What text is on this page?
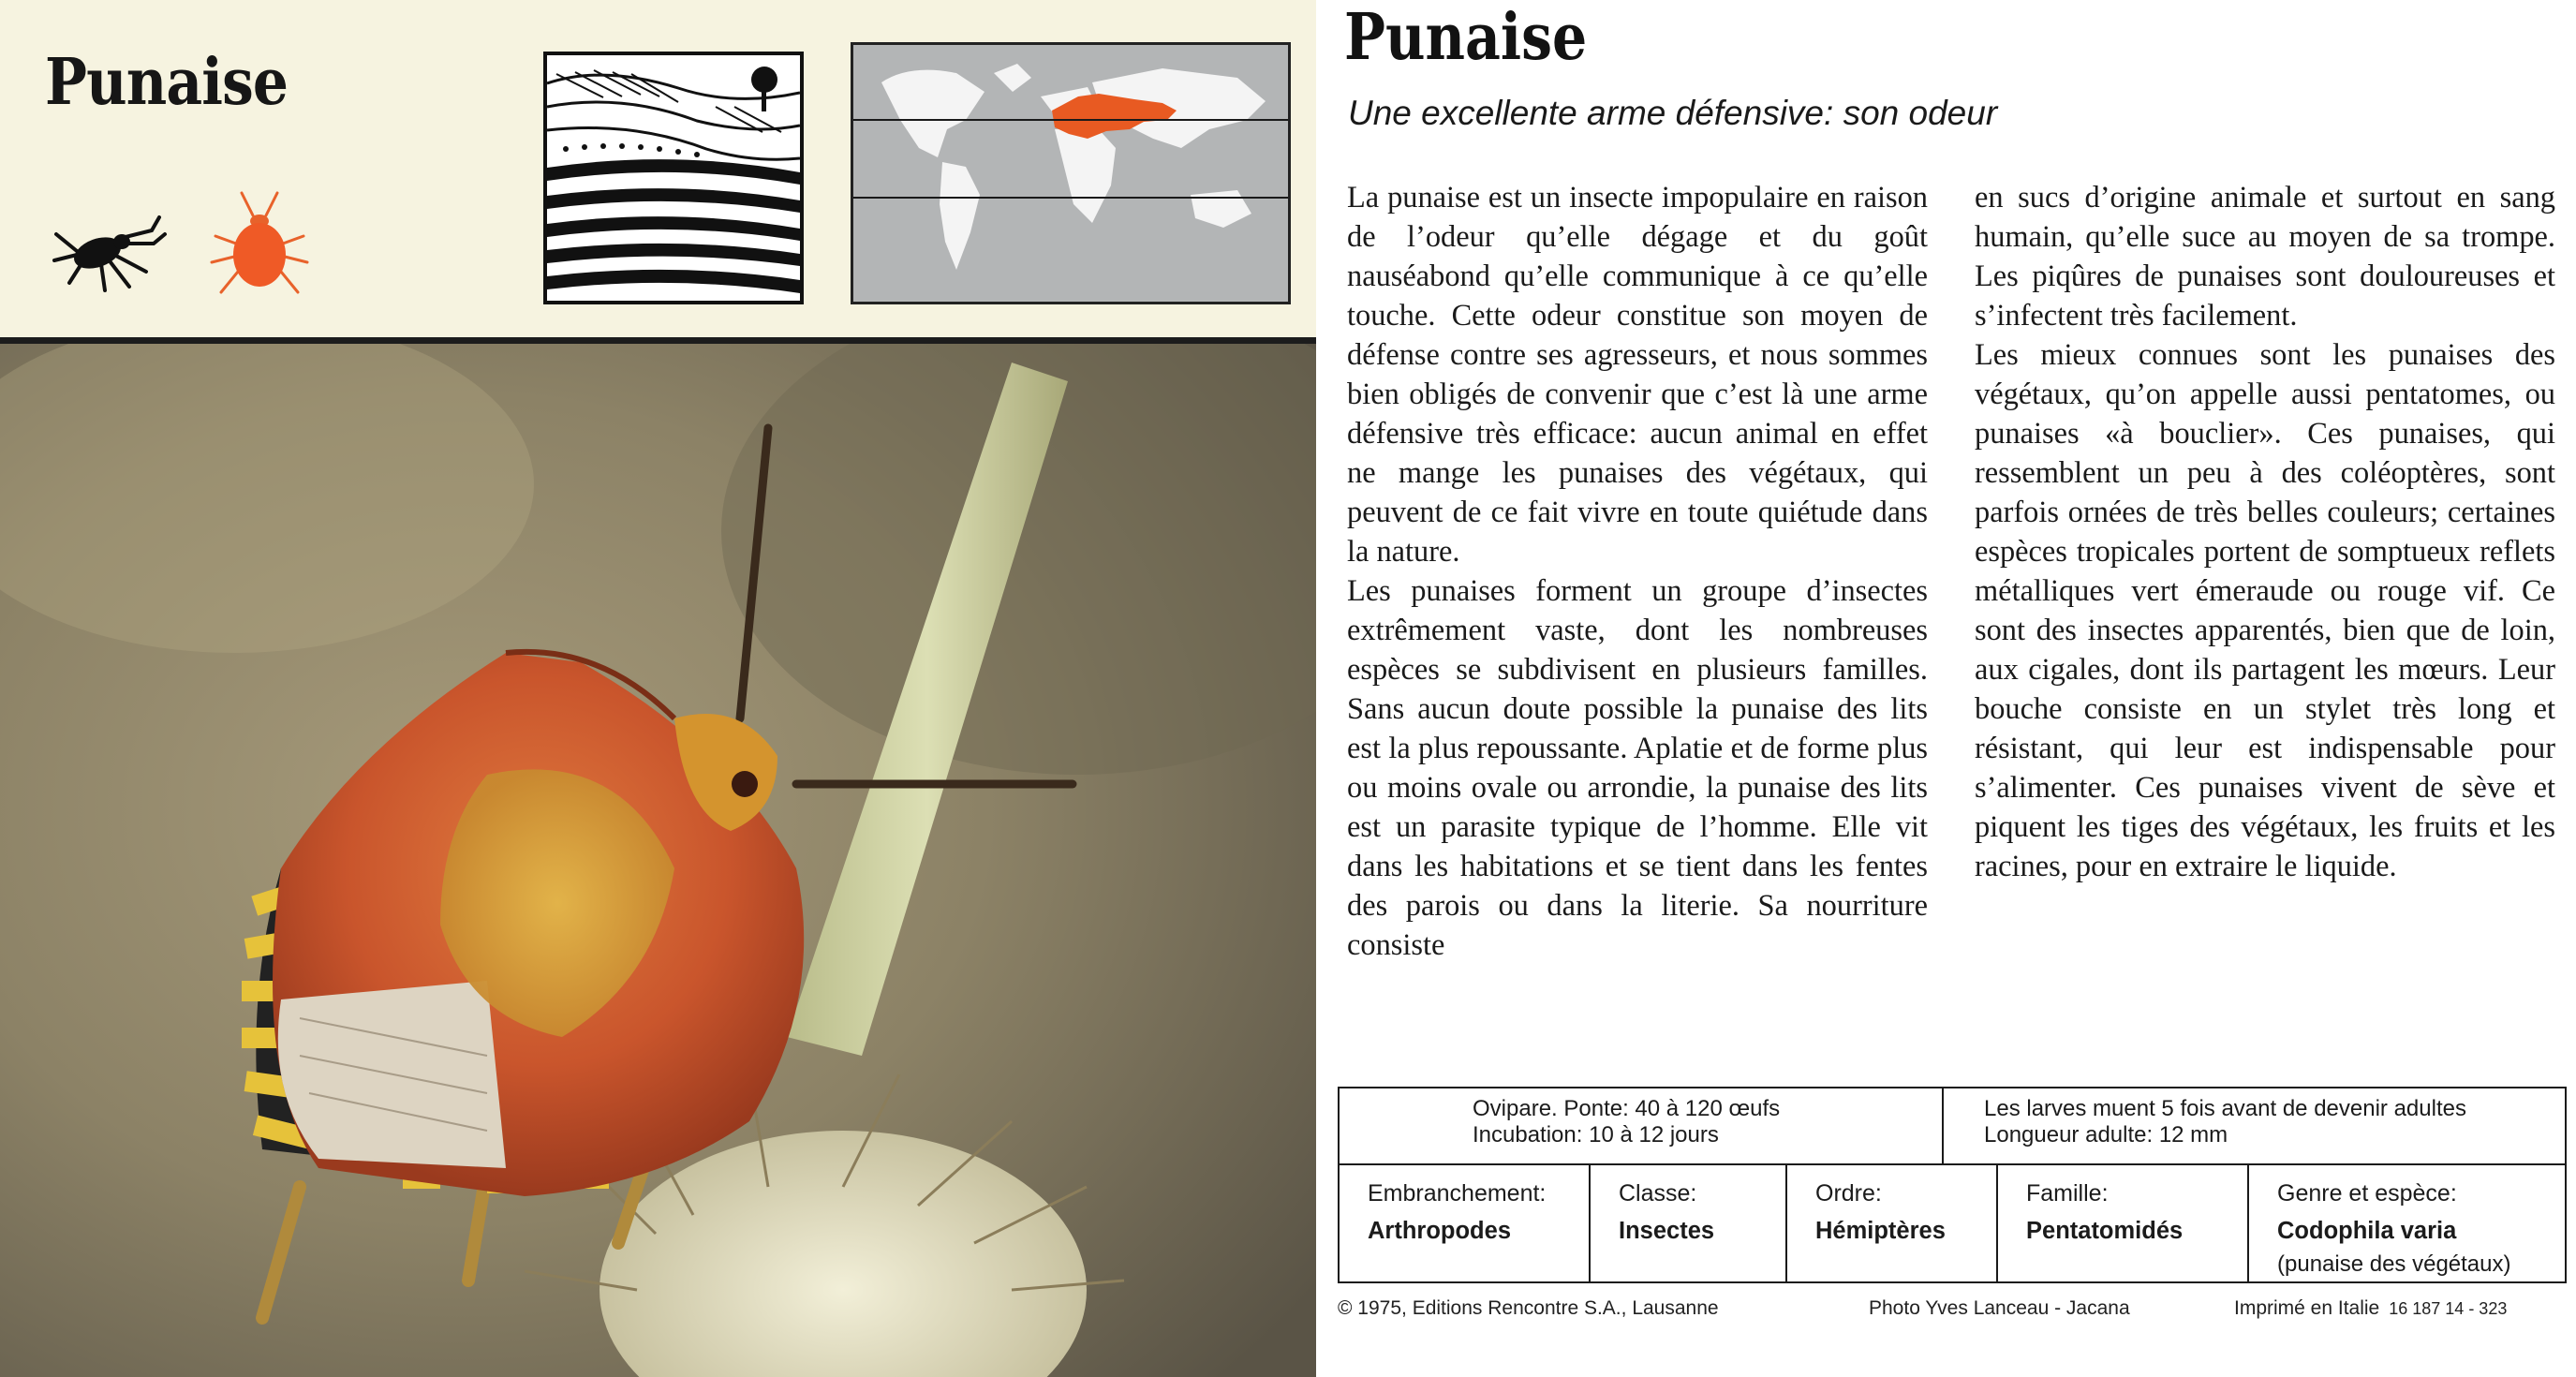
Punaise
Punaise
Une excellente arme défensive: son odeur

La punaise est un insecte impopulaire en raison de l’odeur qu’elle dégage et du goût nauséabond qu’elle communique à ce qu’elle touche. Cette odeur constitue son moyen de défense contre ses agresseurs, et nous sommes bien obligés de convenir que c’est là une arme défensive très efficace: aucun animal en effet ne mange les punaises des végétaux, qui peuvent de ce fait vivre en toute quiétude dans la nature.

Les punaises forment un groupe d’insectes extrêmement vaste, dont les nombreuses espèces se subdivisent en plusieurs familles. Sans aucun doute possible la punaise des lits est la plus repoussante. Aplatie et de forme plus ou moins ovale ou arrondie, la punaise des lits est un parasite typique de l’homme. Elle vit dans les habitations et se tient dans les fentes des parois ou dans la literie. Sa nourriture consiste

en sucs d’origine animale et surtout en sang humain, qu’elle suce au moyen de sa trompe. Les piqûres de punaises sont douloureuses et s’infectent très facilement.

Les mieux connues sont les punaises des végétaux, qu’on appelle aussi pentatomes, ou punaises «à bouclier». Ces punaises, qui ressemblent un peu à des coléoptères, sont parfois ornées de très belles couleurs; certaines espèces tropicales portent de somptueux reflets métalliques vert émeraude ou rouge vif. Ce sont des insectes apparentés, bien que de loin, aux cigales, dont ils partagent les mœurs. Leur bouche consiste en un stylet très long et résistant, qui leur est indispensable pour s’alimenter. Ces punaises vivent de sève et piquent les tiges des végétaux, les fruits et les racines, pour en extraire le liquide.

Ovipare. Ponte: 40 à 120 œufs
Incubation: 10 à 12 jours
Les larves muent 5 fois avant de devenir adultes
Longueur adulte: 12 mm
Embranchement:
Arthropodes
Classe:
Insectes
Ordre:
Hémiptères
Famille:
Pentatomidés
Genre et espèce:
Codophila varia
(punaise des végétaux)
© 1975, Editions Rencontre S.A., Lausanne	Photo Yves Lanceau - Jacana	Imprimé en Italie 16 187 14 - 323
